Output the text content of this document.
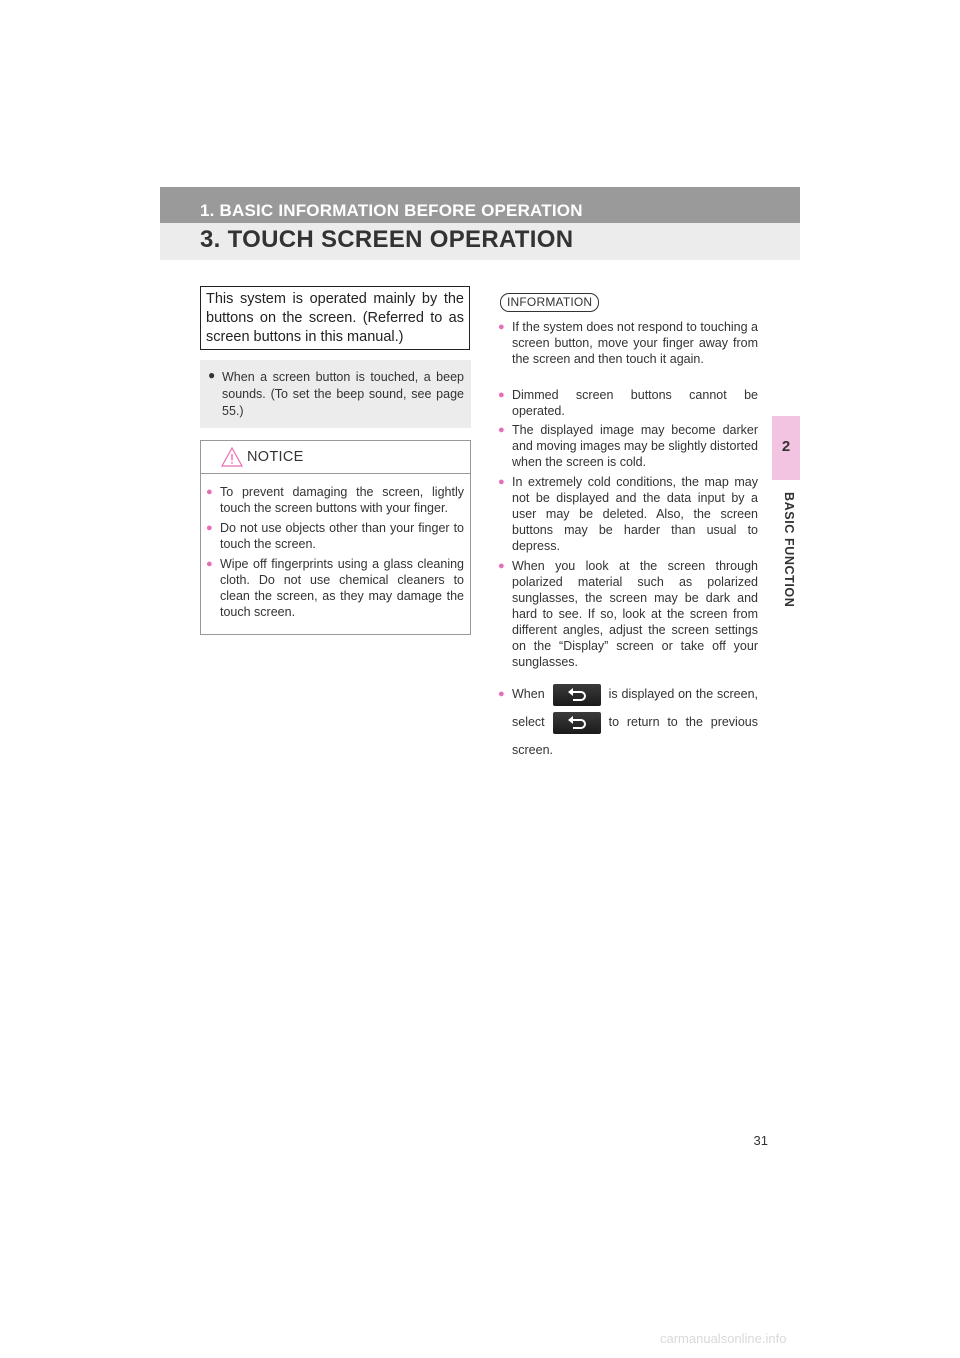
1. BASIC INFORMATION BEFORE OPERATION
3. TOUCH SCREEN OPERATION
2
BASIC FUNCTION
This system is operated mainly by the buttons on the screen. (Referred to as screen buttons in this manual.)
● When a screen button is touched, a beep sounds. (To set the beep sound, see page 55.)
NOTICE
● To prevent damaging the screen, lightly touch the screen buttons with your finger.
● Do not use objects other than your finger to touch the screen.
● Wipe off fingerprints using a glass cleaning cloth. Do not use chemical cleaners to clean the screen, as they may damage the touch screen.
INFORMATION
● If the system does not respond to touching a screen button, move your finger away from the screen and then touch it again.
● Dimmed screen buttons cannot be operated.
● The displayed image may become darker and moving images may be slightly distorted when the screen is cold.
● In extremely cold conditions, the map may not be displayed and the data input by a user may be deleted. Also, the screen buttons may be harder than usual to depress.
● When you look at the screen through polarized material such as polarized sunglasses, the screen may be dark and hard to see. If so, look at the screen from different angles, adjust the screen settings on the “Display” screen or take off your sunglasses.
● When	is displayed on the screen, select	to return to the previous screen.
31
carmanualsonline.info
